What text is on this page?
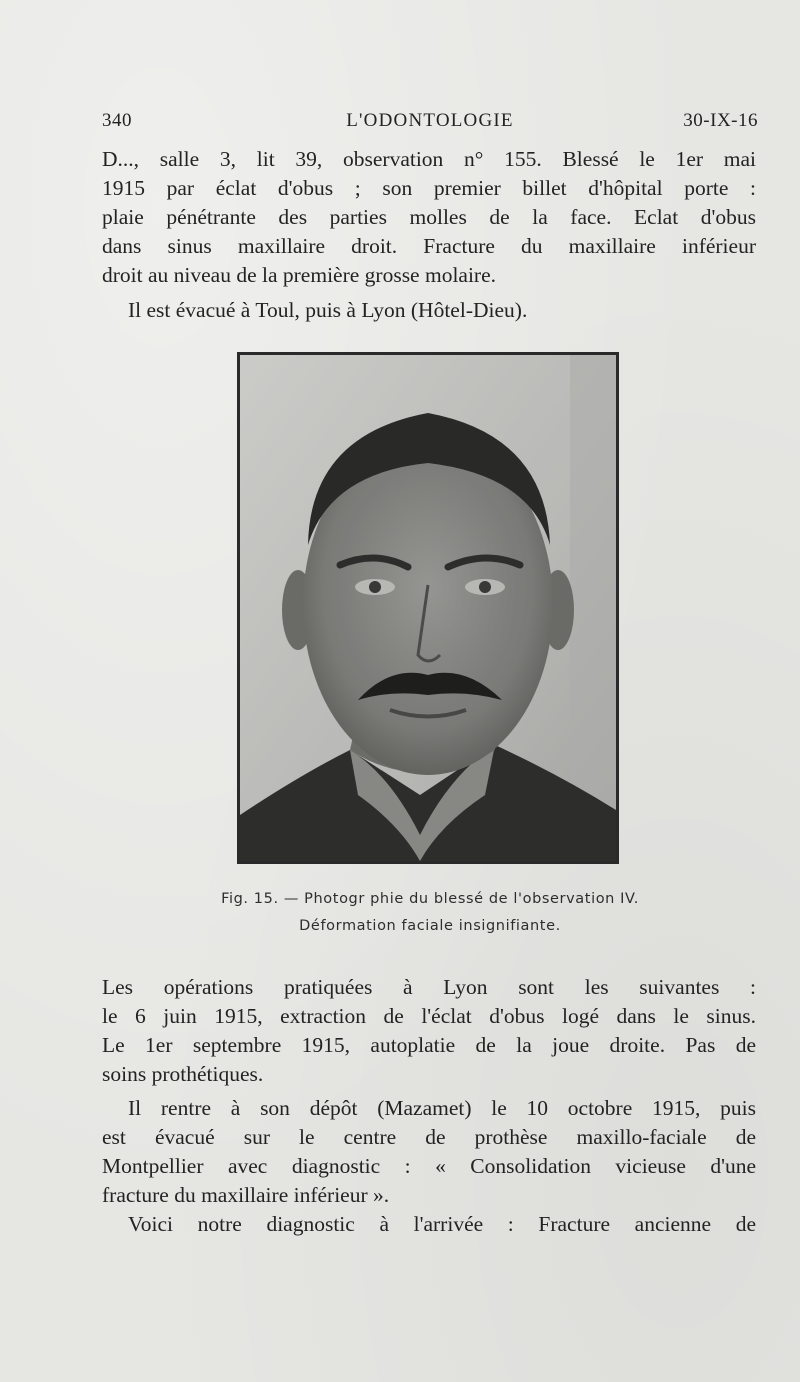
340	L'ODONTOLOGIE	30-IX-16
D..., salle 3, lit 39, observation n° 155. Blessé le 1er mai
1915 par éclat d'obus ; son premier billet d'hôpital porte :
plaie pénétrante des parties molles de la face. Eclat d'obus
dans sinus maxillaire droit. Fracture du maxillaire inférieur
droit au niveau de la première grosse molaire.
Il est évacué à Toul, puis à Lyon (Hôtel-Dieu).
Fig. 15. — Photogr phie du blessé de l'observation IV.
Déformation faciale insignifiante.
Les opérations pratiquées à Lyon sont les suivantes :
le 6 juin 1915, extraction de l'éclat d'obus logé dans le sinus.
Le 1er septembre 1915, autoplatie de la joue droite. Pas de
soins prothétiques.
Il rentre à son dépôt (Mazamet) le 10 octobre 1915, puis
est évacué sur le centre de prothèse maxillo-faciale de
Montpellier avec diagnostic : « Consolidation vicieuse d'une
fracture du maxillaire inférieur ».
Voici notre diagnostic à l'arrivée : Fracture ancienne de
